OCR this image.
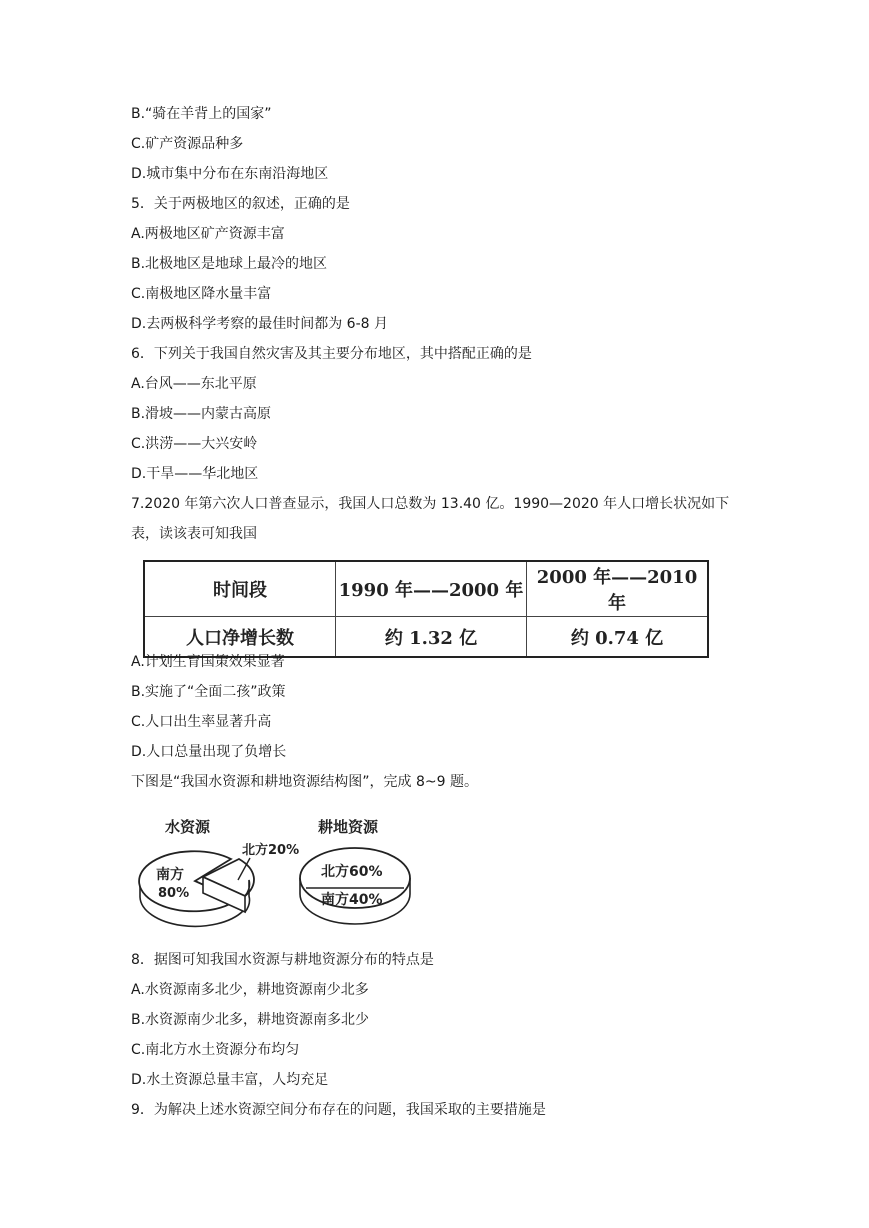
B.“骑在羊背上的国家”
C.矿产资源品种多
D.城市集中分布在东南沿海地区
5．关于两极地区的叙述，正确的是
A.两极地区矿产资源丰富
B.北极地区是地球上最冷的地区
C.南极地区降水量丰富
D.去两极科学考察的最佳时间都为 6-8 月
6．下列关于我国自然灾害及其主要分布地区，其中搭配正确的是
A.台风——东北平原
B.滑坡——内蒙古高原
C.洪涝——大兴安岭
D.干旱——华北地区
7.2020 年第六次人口普查显示，我国人口总数为 13.40 亿。1990—2020 年人口增长状况如下表，读该表可知我国
时间段	1990 年——2000 年	2000 年——2010 年
人口净增长数	约 1.32 亿	约 0.74 亿
A.计划生育国策效果显著
B.实施了“全面二孩”政策
C.人口出生率显著升高
D.人口总量出现了负增长
下图是“我国水资源和耕地资源结构图”，完成 8~9 题。
水资源
南方
80%
北方20%
耕地资源
北方60%
南方40%
8．据图可知我国水资源与耕地资源分布的特点是
A.水资源南多北少，耕地资源南少北多
B.水资源南少北多，耕地资源南多北少
C.南北方水土资源分布均匀
D.水土资源总量丰富，人均充足
9．为解决上述水资源空间分布存在的问题，我国采取的主要措施是
